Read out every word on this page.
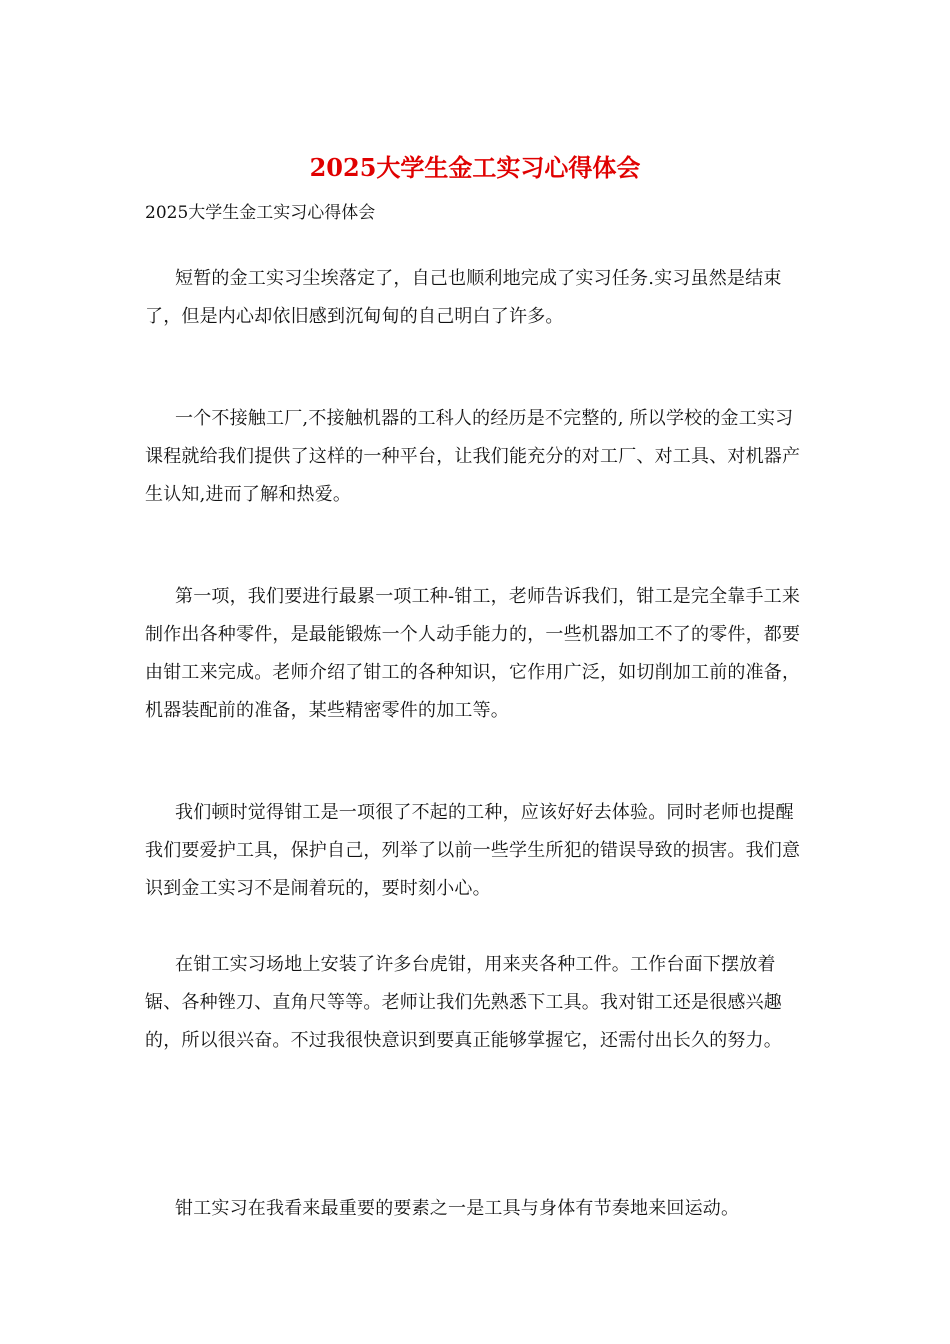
2025大学生金工实习心得体会

2025大学生金工实习心得体会

短暂的金工实习尘埃落定了，自己也顺利地完成了实习任务.实习虽然是结束了，但是内心却依旧感到沉甸甸的自己明白了许多。

一个不接触工厂,不接触机器的工科人的经历是不完整的, 所以学校的金工实习课程就给我们提供了这样的一种平台，让我们能充分的对工厂、对工具、对机器产生认知,进而了解和热爱。

第一项，我们要进行最累一项工种-钳工，老师告诉我们，钳工是完全靠手工来制作出各种零件，是最能锻炼一个人动手能力的，一些机器加工不了的零件，都要由钳工来完成。老师介绍了钳工的各种知识，它作用广泛，如切削加工前的准备，机器装配前的准备，某些精密零件的加工等。

我们顿时觉得钳工是一项很了不起的工种，应该好好去体验。同时老师也提醒我们要爱护工具，保护自己，列举了以前一些学生所犯的错误导致的损害。我们意识到金工实习不是闹着玩的，要时刻小心。

在钳工实习场地上安装了许多台虎钳，用来夹各种工件。工作台面下摆放着锯、各种锉刀、直角尺等等。老师让我们先熟悉下工具。我对钳工还是很感兴趣的，所以很兴奋。不过我很快意识到要真正能够掌握它，还需付出长久的努力。

钳工实习在我看来最重要的要素之一是工具与身体有节奏地来回运动。
